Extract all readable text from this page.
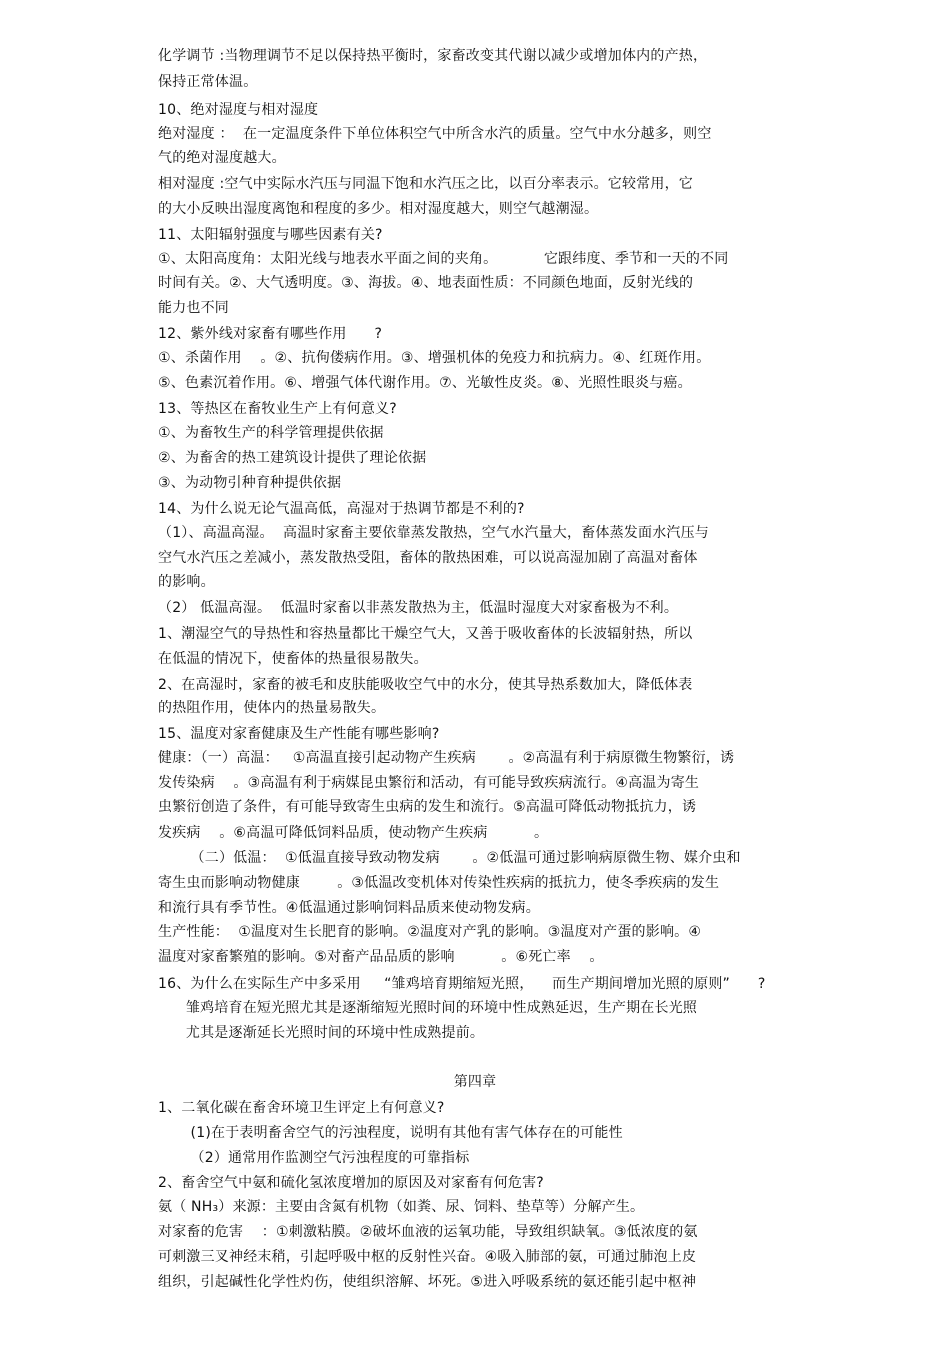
化学调节 :当物理调节不足以保持热平衡时，家畜改变其代谢以减少或增加体内的产热，
保持正常体温。
10、绝对湿度与相对湿度
绝对湿度 ：  在一定温度条件下单位体积空气中所含水汽的质量。空气中水分越多，则空
气的绝对湿度越大。
相对湿度 :空气中实际水汽压与同温下饱和水汽压之比，以百分率表示。它较常用，它
的大小反映出湿度离饱和程度的多少。相对湿度越大，则空气越潮湿。
11、太阳辐射强度与哪些因素有关?
①、太阳高度角：太阳光线与地表水平面之间的夹角。          它跟纬度、季节和一天的不同
时间有关。②、大气透明度。③、海拔。④、地表面性质：不同颜色地面，反射光线的
能力也不同
12、紫外线对家畜有哪些作用      ?
①、杀菌作用    。②、抗佝偻病作用。③、增强机体的免疫力和抗病力。④、红斑作用。
⑤、色素沉着作用。⑥、增强气体代谢作用。⑦、光敏性皮炎。⑧、光照性眼炎与癌。
13、等热区在畜牧业生产上有何意义?
①、为畜牧生产的科学管理提供依据
②、为畜舍的热工建筑设计提供了理论依据
③、为动物引种育种提供依据
14、为什么说无论气温高低，高湿对于热调节都是不利的?
（1）、高温高湿。  高温时家畜主要依靠蒸发散热，空气水汽量大，畜体蒸发面水汽压与
空气水汽压之差减小，蒸发散热受阻，畜体的散热困难，可以说高湿加剧了高温对畜体
的影响。
（2） 低温高湿。  低温时家畜以非蒸发散热为主，低温时湿度大对家畜极为不利。
1、潮湿空气的导热性和容热量都比干燥空气大，又善于吸收畜体的长波辐射热，所以
在低温的情况下，使畜体的热量很易散失。
2、在高湿时，家畜的被毛和皮肤能吸收空气中的水分，使其导热系数加大，降低体表
的热阻作用，使体内的热量易散失。
15、温度对家畜健康及生产性能有哪些影响?
健康：（一）高温：   ①高温直接引起动物产生疾病       。②高温有利于病原微生物繁衍，诱
发传染病    。③高温有利于病媒昆虫繁衍和活动，有可能导致疾病流行。④高温为寄生
虫繁衍创造了条件，有可能导致寄生虫病的发生和流行。⑤高温可降低动物抵抗力，诱
发疾病    。⑥高温可降低饲料品质，使动物产生疾病          。
（二）低温：  ①低温直接导致动物发病       。②低温可通过影响病原微生物、媒介虫和
寄生虫而影响动物健康        。③低温改变机体对传染性疾病的抵抗力，使冬季疾病的发生
和流行具有季节性。④低温通过影响饲料品质来使动物发病。
生产性能：  ①温度对生长肥育的影响。②温度对产乳的影响。③温度对产蛋的影响。④
温度对家畜繁殖的影响。⑤对畜产品品质的影响          。⑥死亡率    。
16、为什么在实际生产中多采用     “雏鸡培育期缩短光照，    而生产期间增加光照的原则”      ?
雏鸡培育在短光照尤其是逐渐缩短光照时间的环境中性成熟延迟，生产期在长光照
尤其是逐渐延长光照时间的环境中性成熟提前。
第四章
1、二氧化碳在畜舍环境卫生评定上有何意义?
(1)在于表明畜舍空气的污浊程度，说明有其他有害气体存在的可能性
（2）通常用作监测空气污浊程度的可靠指标
2、畜舍空气中氨和硫化氢浓度增加的原因及对家畜有何危害?
氨（ NH₃）来源：主要由含氮有机物（如粪、尿、饲料、垫草等）分解产生。
对家畜的危害    ：①刺激粘膜。②破坏血液的运氧功能，导致组织缺氧。③低浓度的氨
可刺激三叉神经末稍，引起呼吸中枢的反射性兴奋。④吸入肺部的氨，可通过肺泡上皮
组织，引起碱性化学性灼伤，使组织溶解、坏死。⑤进入呼吸系统的氨还能引起中枢神
